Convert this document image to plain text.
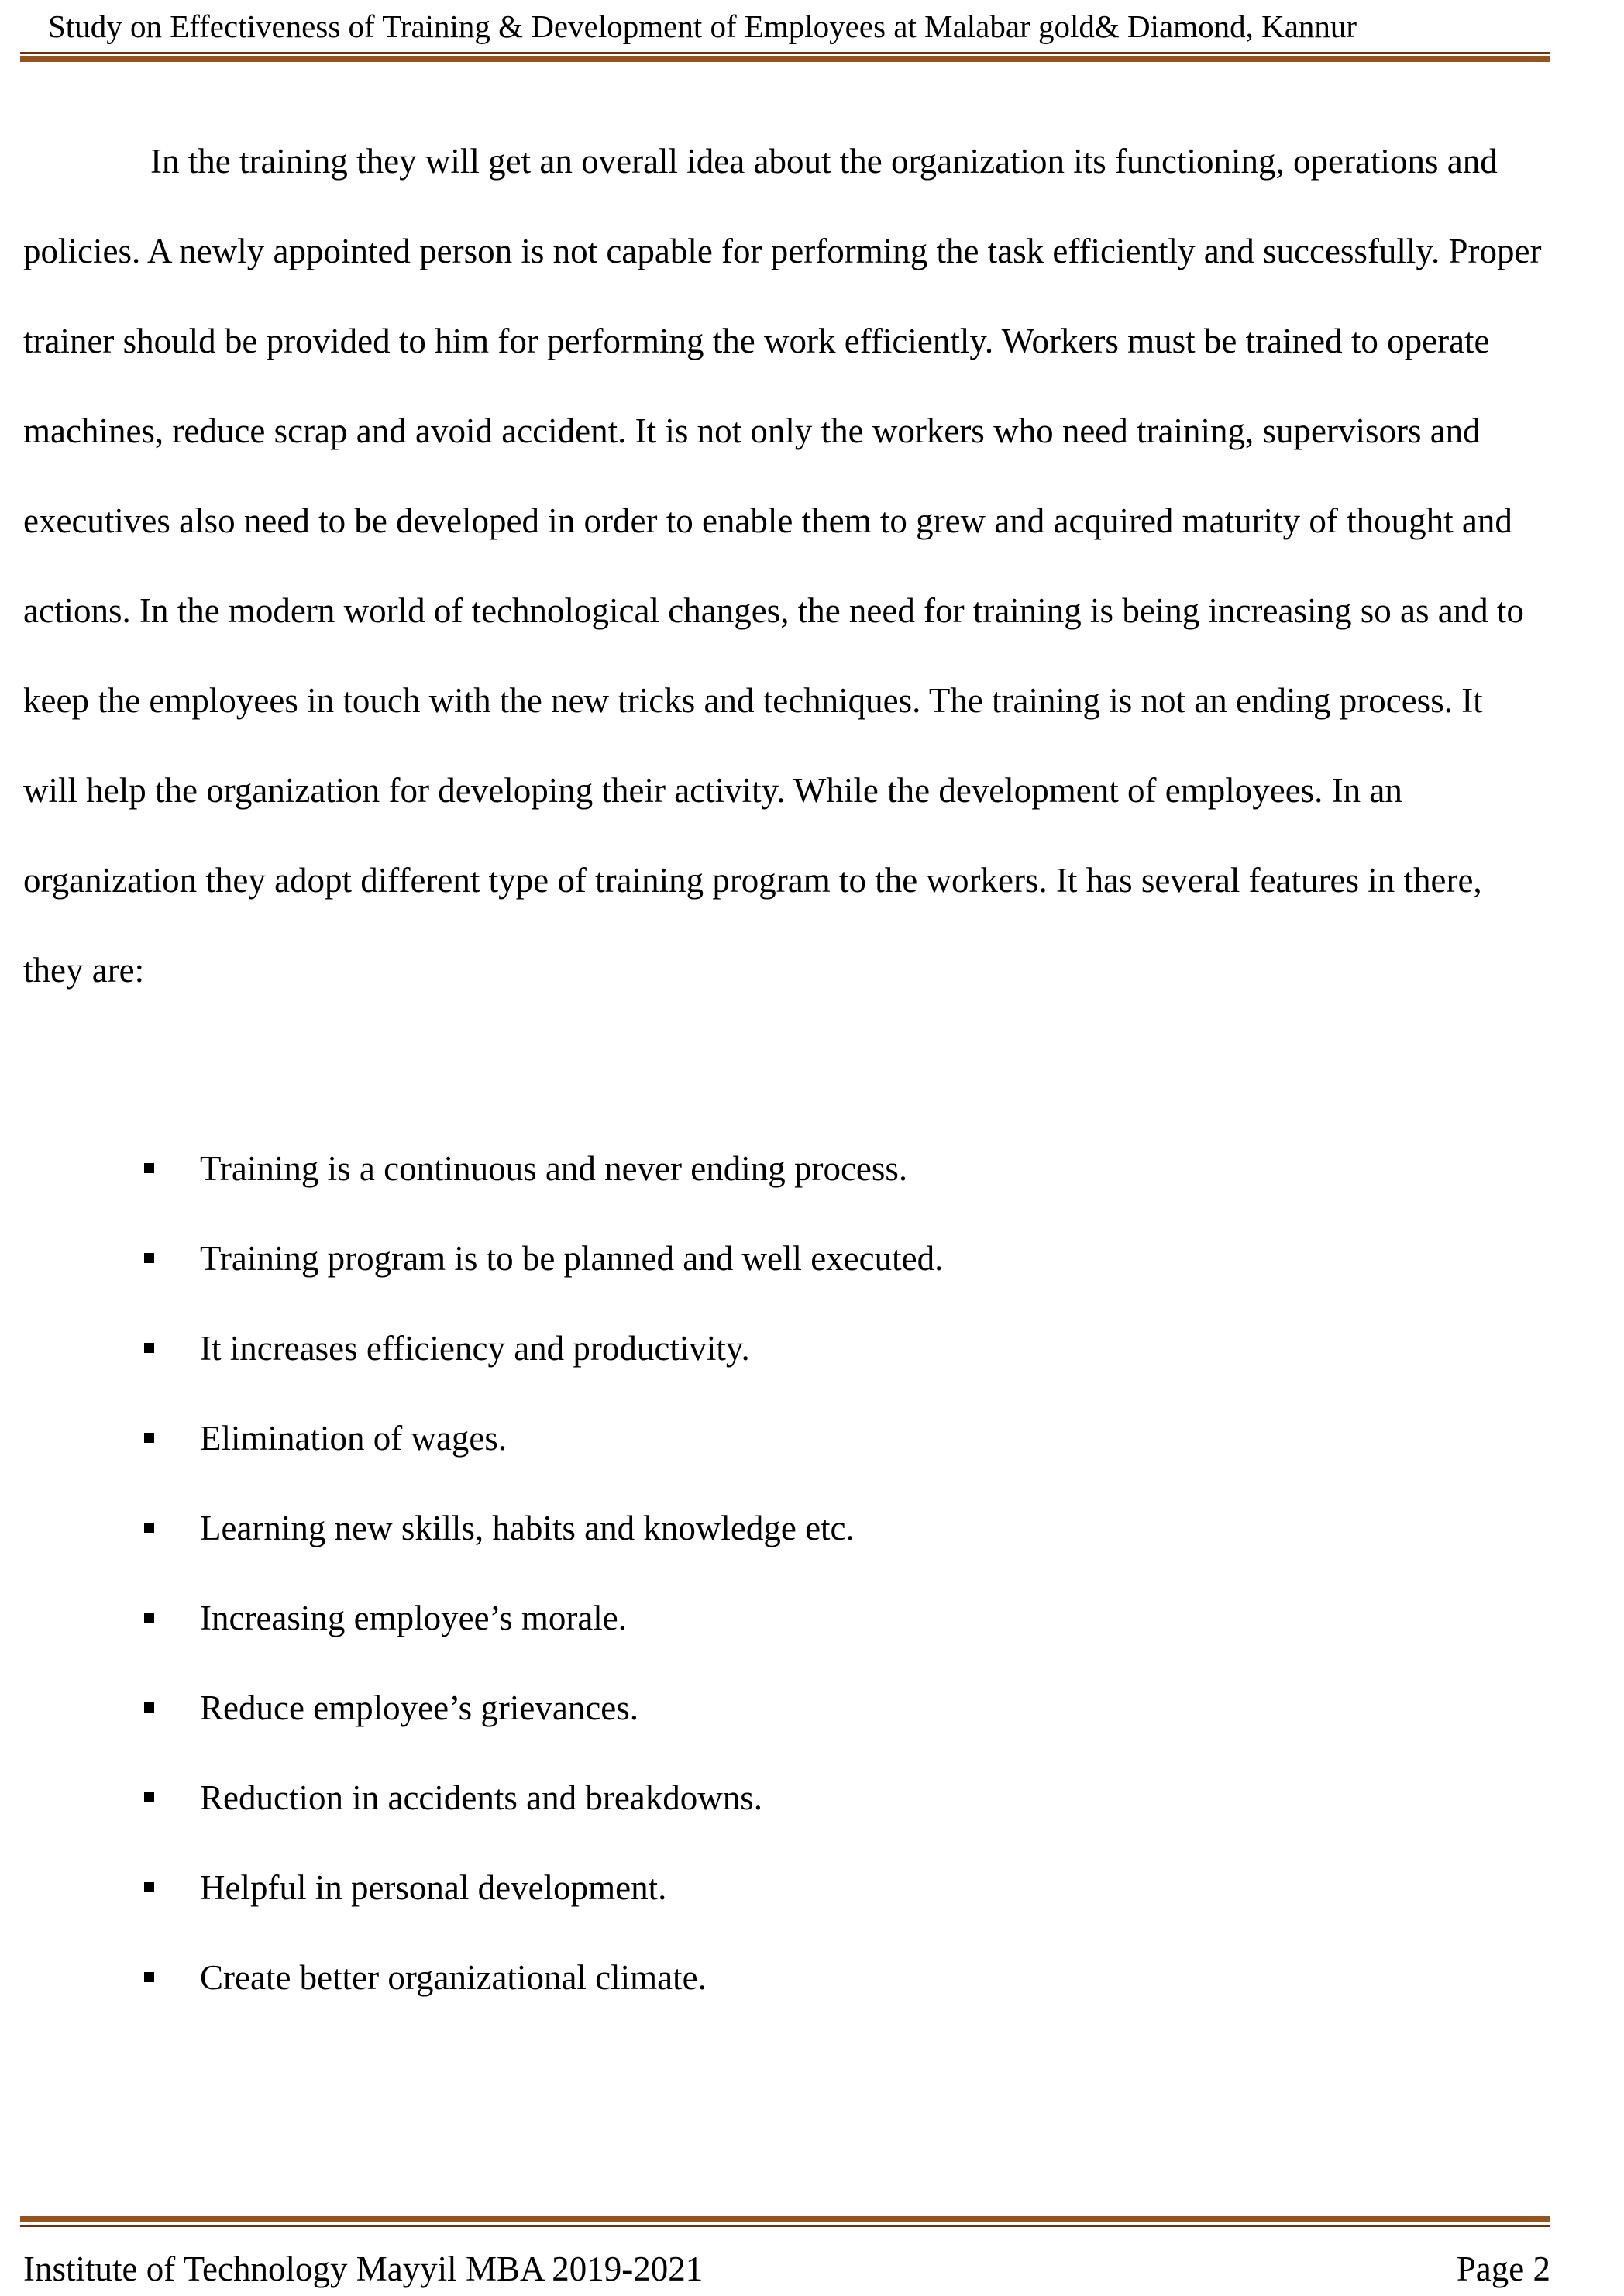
Study on Effectiveness of Training & Development of Employees at Malabar gold& Diamond, Kannur

In the training they will get an overall idea about the organization its functioning, operations and policies. A newly appointed person is not capable for performing the task efficiently and successfully. Proper trainer should be provided to him for performing the work efficiently. Workers must be trained to operate machines, reduce scrap and avoid accident. It is not only the workers who need training, supervisors and executives also need to be developed in order to enable them to grew and acquired maturity of thought and actions. In the modern world of technological changes, the need for training is being increasing so as and to keep the employees in touch with the new tricks and techniques. The training is not an ending process. It will help the organization for developing their activity. While the development of employees. In an organization they adopt different type of training program to the workers. It has several features in there, they are:

Training is a continuous and never ending process.
Training program is to be planned and well executed.
It increases efficiency and productivity.
Elimination of wages.
Learning new skills, habits and knowledge etc.
Increasing employee’s morale.
Reduce employee’s grievances.
Reduction in accidents and breakdowns.
Helpful in personal development.
Create better organizational climate.
Institute of Technology Mayyil MBA 2019-2021	Page 2
